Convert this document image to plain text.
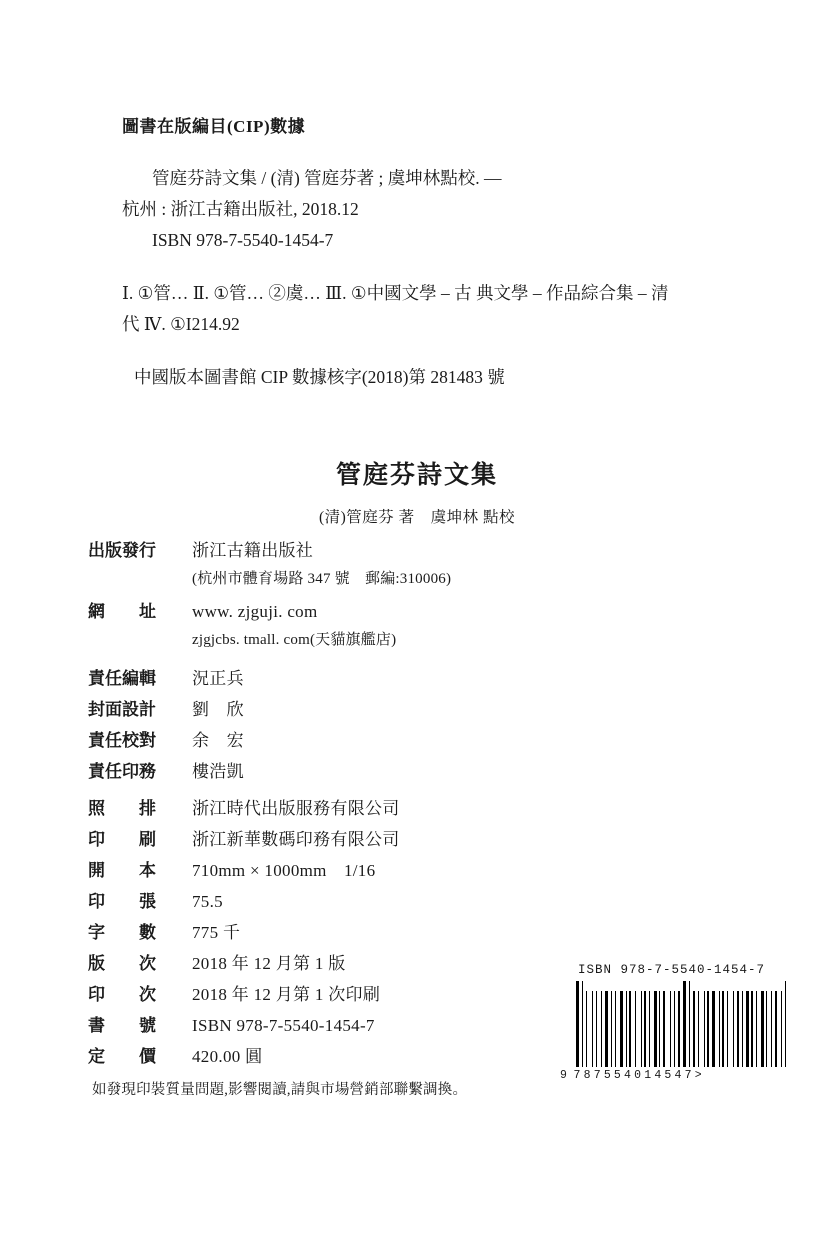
圖書在版編目(CIP)數據
管庭芬詩文集 / (清) 管庭芬著 ; 虞坤林點校. —
杭州 : 浙江古籍出版社, 2018.12
ISBN 978-7-5540-1454-7
Ⅰ. ①管… Ⅱ. ①管… ②虞… Ⅲ. ①中國文學 – 古 典文學 – 作品綜合集 – 清代 Ⅳ. ①I214.92
中國版本圖書館 CIP 數據核字(2018)第 281483 號
管庭芬詩文集
(清)管庭芬 著　虞坤林 點校
出版發行	浙江古籍出版社
(杭州市體育場路 347 號　郵編:310006)
網　　址	www. zjguji. com
zjgjcbs. tmall. com(天貓旗艦店)
責任編輯	況正兵
封面設計	劉　欣
責任校對	余　宏
責任印務	樓浩凱
照　　排	浙江時代出版服務有限公司
印　　刷	浙江新華數碼印務有限公司
開　　本	710mm × 1000mm　1/16
印　　張	75.5
字　　數	775 千
版　　次	2018 年 12 月第 1 版
印　　次	2018 年 12 月第 1 次印刷
書　　號	ISBN 978-7-5540-1454-7
定　　價	420.00 圓
如發現印裝質量問題,影響閱讀,請與市場營銷部聯繫調換。
ISBN 978-7-5540-1454-7
9 787554 014547 >
